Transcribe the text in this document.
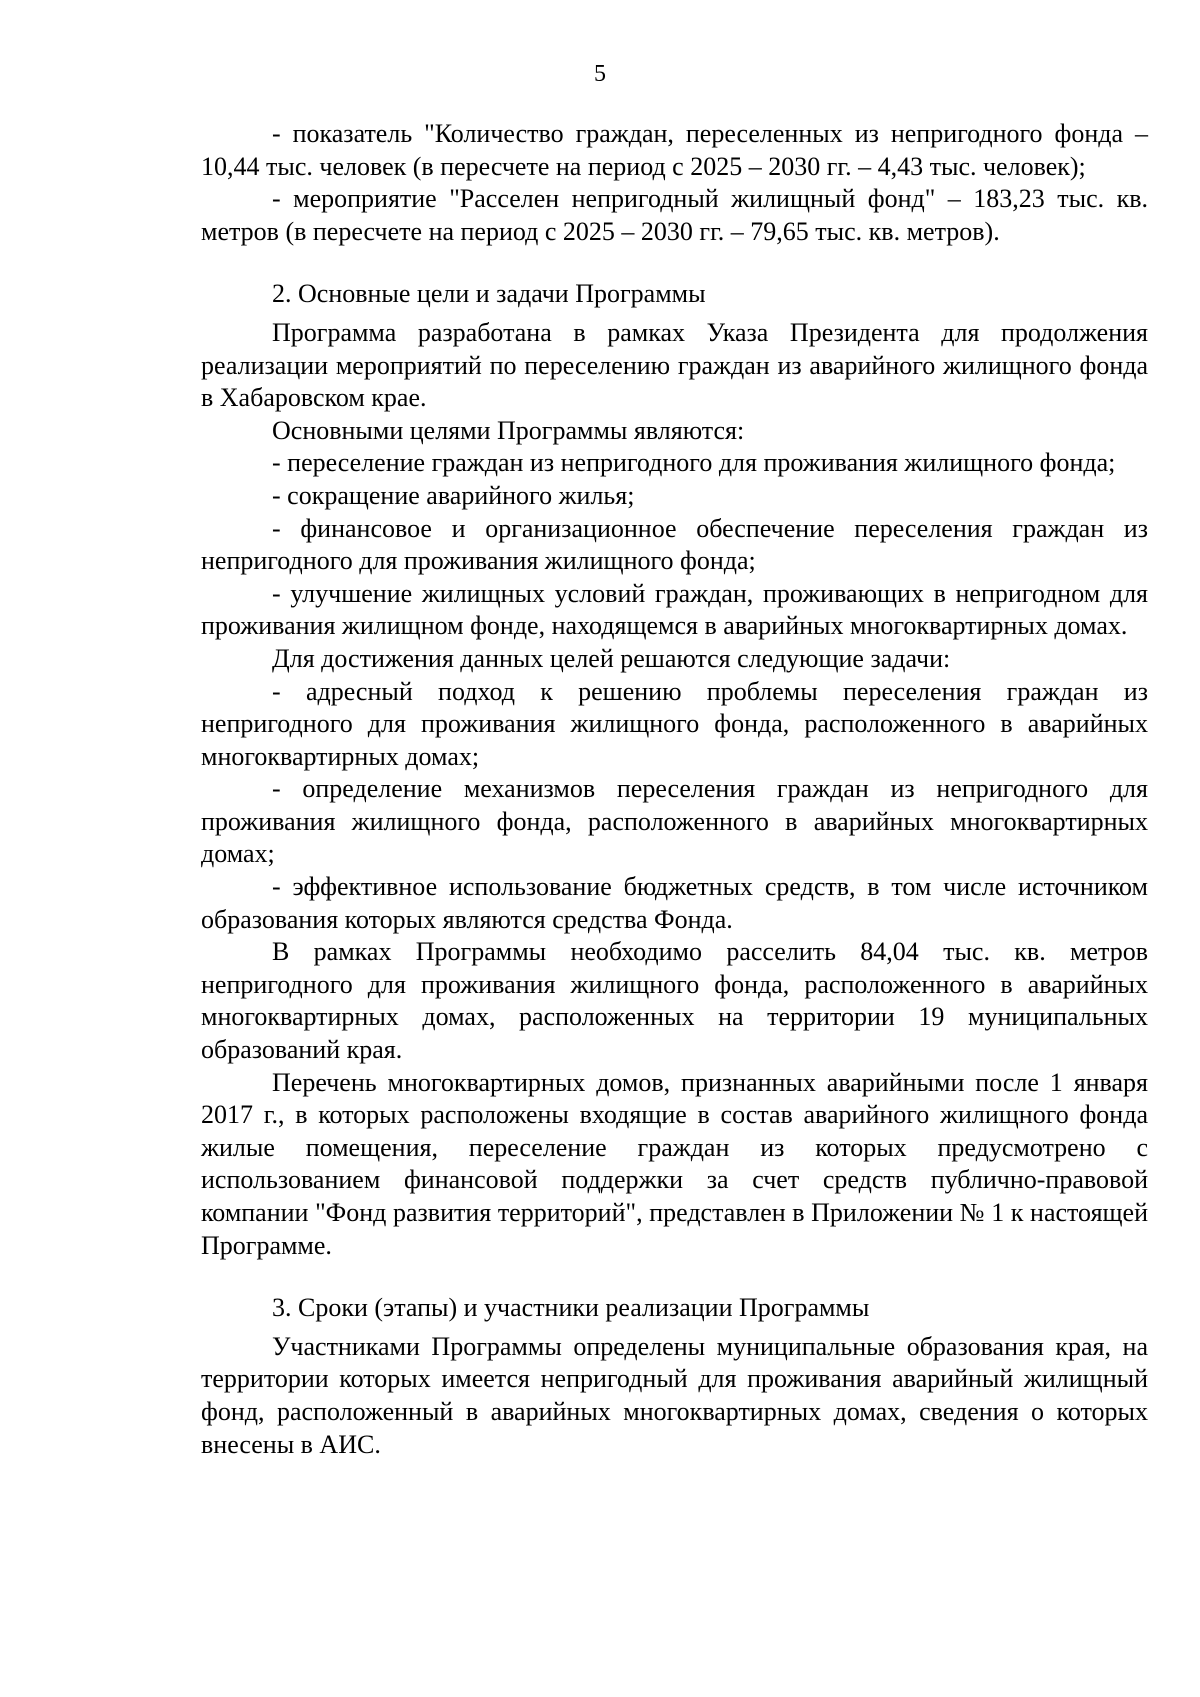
5

- показатель "Количество граждан, переселенных из непригодного фонда – 10,44 тыс. человек (в пересчете на период с 2025 – 2030 гг. – 4,43 тыс. человек);

- мероприятие "Расселен непригодный жилищный фонд" – 183,23 тыс. кв. метров (в пересчете на период с 2025 – 2030 гг. – 79,65 тыс. кв. метров).

2. Основные цели и задачи Программы

Программа разработана в рамках Указа Президента для продолжения реализации мероприятий по переселению граждан из аварийного жилищного фонда в Хабаровском крае.

Основными целями Программы являются:

- переселение граждан из непригодного для проживания жилищного фонда;

- сокращение аварийного жилья;

- финансовое и организационное обеспечение переселения граждан из непригодного для проживания жилищного фонда;

- улучшение жилищных условий граждан, проживающих в непригодном для проживания жилищном фонде, находящемся в аварийных многоквартирных домах.

Для достижения данных целей решаются следующие задачи:

- адресный подход к решению проблемы переселения граждан из непригодного для проживания жилищного фонда, расположенного в аварийных многоквартирных домах;

- определение механизмов переселения граждан из непригодного для проживания жилищного фонда, расположенного в аварийных многоквартирных домах;

- эффективное использование бюджетных средств, в том числе источником образования которых являются средства Фонда.

В рамках Программы необходимо расселить 84,04 тыс. кв. метров непригодного для проживания жилищного фонда, расположенного в аварийных многоквартирных домах, расположенных на территории 19 муниципальных образований края.

Перечень многоквартирных домов, признанных аварийными после 1 января 2017 г., в которых расположены входящие в состав аварийного жилищного фонда жилые помещения, переселение граждан из которых предусмотрено с использованием финансовой поддержки за счет средств публично-правовой компании "Фонд развития территорий", представлен в Приложении № 1 к настоящей Программе.

3. Сроки (этапы) и участники реализации Программы

Участниками Программы определены муниципальные образования края, на территории которых имеется непригодный для проживания аварийный жилищный фонд, расположенный в аварийных многоквартирных домах, сведения о которых внесены в АИС.
